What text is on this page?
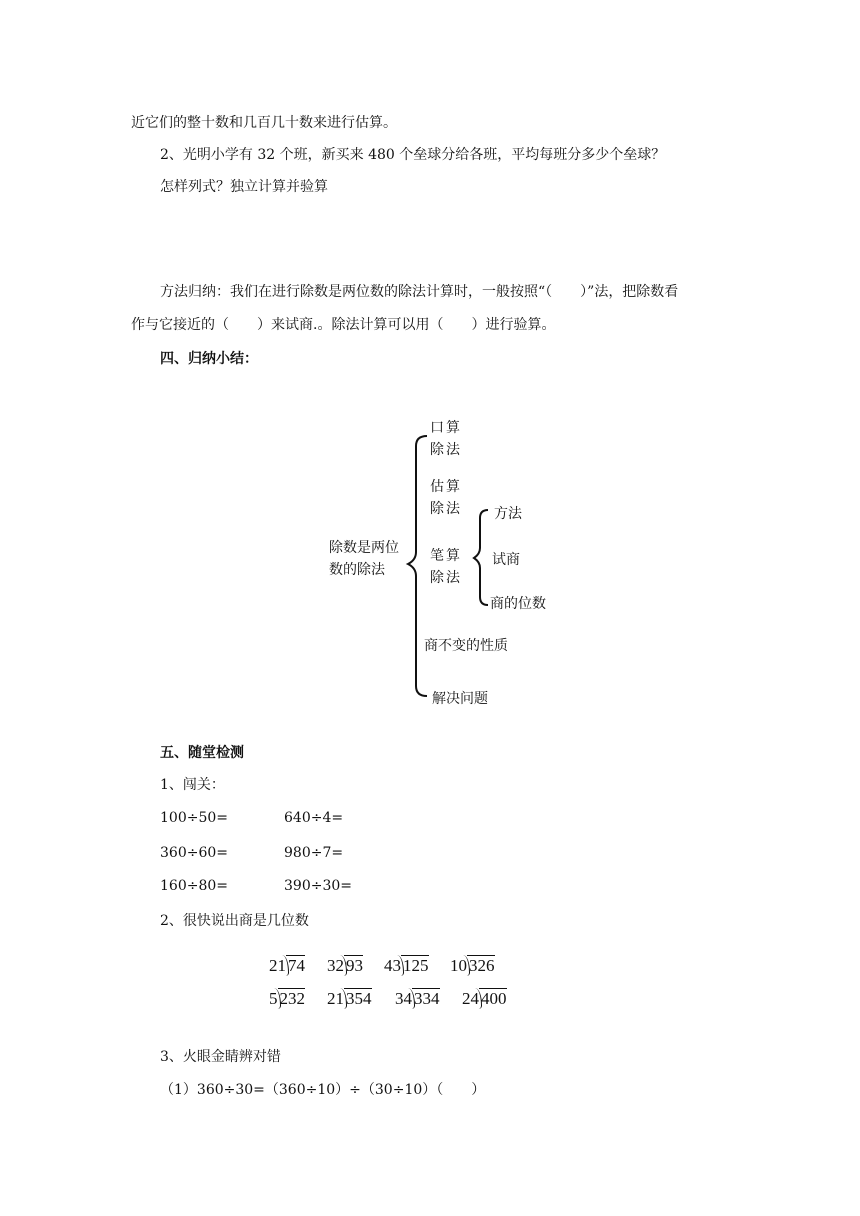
近它们的整十数和几百几十数来进行估算。
2、光明小学有 32 个班，新买来 480 个垒球分给各班，平均每班分多少个垒球？
怎样列式？独立计算并验算
方法归纳：我们在进行除数是两位数的除法计算时，一般按照“（　　）”法，把除数看
作与它接近的（　　）来试商.。除法计算可以用（　　）进行验算。
四、归纳小结：
除数是两位数的除法
口算除法
估算除法
笔算除法
商不变的性质
解决问题
方法
试商
商的位数
五、随堂检测
1、闯关：
100÷50=	640÷4=
360÷60=	980÷7=
160÷80=	390÷30=
2、很快说出商是几位数
21 74 32 93 43 125 10 326
5 232 21 354 34 334 24 400
3、火眼金睛辨对错
（1）360÷30=（360÷10）÷（30÷10）（　　）
